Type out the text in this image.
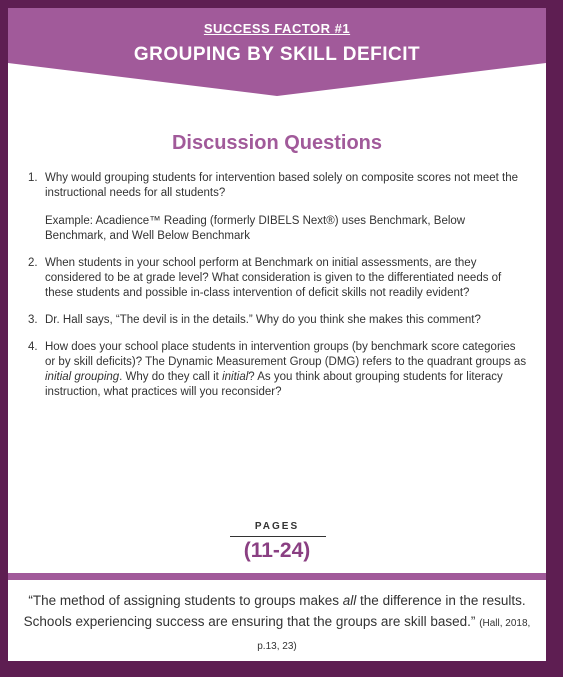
SUCCESS FACTOR #1
GROUPING BY SKILL DEFICIT
Discussion Questions
1. Why would grouping students for intervention based solely on composite scores not meet the instructional needs for all students?
Example: Acadience™ Reading (formerly DIBELS Next®) uses Benchmark, Below Benchmark, and Well Below Benchmark
2. When students in your school perform at Benchmark on initial assessments, are they considered to be at grade level? What consideration is given to the differentiated needs of these students and possible in-class intervention of deficit skills not readily evident?
3. Dr. Hall says, “The devil is in the details.” Why do you think she makes this comment?
4. How does your school place students in intervention groups (by benchmark score categories or by skill deficits)? The Dynamic Measurement Group (DMG) refers to the quadrant groups as initial grouping. Why do they call it initial? As you think about grouping students for literacy instruction, what practices will you reconsider?
PAGES
(11-24)
“The method of assigning students to groups makes all the difference in the results. Schools experiencing success are ensuring that the groups are skill based.” (Hall, 2018, p.13, 23)
